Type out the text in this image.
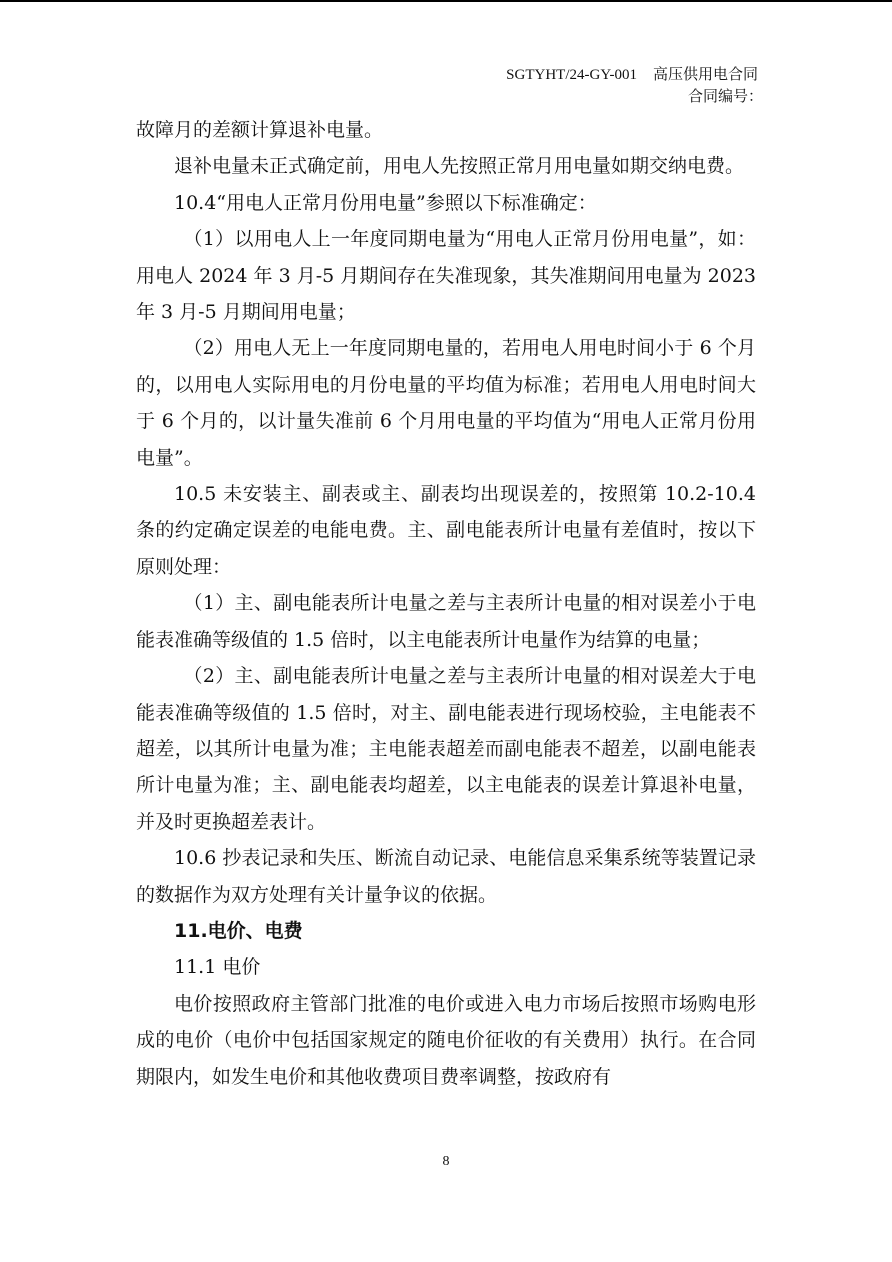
SGTYHT/24-GY-001 高压供用电合同
合同编号：

故障月的差额计算退补电量。

退补电量未正式确定前，用电人先按照正常月用电量如期交纳电费。

10.4“用电人正常月份用电量”参照以下标准确定：

（1）以用电人上一年度同期电量为“用电人正常月份用电量”，如：用电人 2024 年 3 月-5 月期间存在失准现象，其失准期间用电量为 2023 年 3 月-5 月期间用电量；

（2）用电人无上一年度同期电量的，若用电人用电时间小于 6 个月的，以用电人实际用电的月份电量的平均值为标准；若用电人用电时间大于 6 个月的，以计量失准前 6 个月用电量的平均值为“用电人正常月份用电量”。

10.5 未安装主、副表或主、副表均出现误差的，按照第 10.2-10.4 条的约定确定误差的电能电费。主、副电能表所计电量有差值时，按以下原则处理：

（1）主、副电能表所计电量之差与主表所计电量的相对误差小于电能表准确等级值的 1.5 倍时，以主电能表所计电量作为结算的电量；

（2）主、副电能表所计电量之差与主表所计电量的相对误差大于电能表准确等级值的 1.5 倍时，对主、副电能表进行现场校验，主电能表不超差，以其所计电量为准；主电能表超差而副电能表不超差，以副电能表所计电量为准；主、副电能表均超差，以主电能表的误差计算退补电量，并及时更换超差表计。

10.6 抄表记录和失压、断流自动记录、电能信息采集系统等装置记录的数据作为双方处理有关计量争议的依据。

11.电价、电费

11.1 电价

电价按照政府主管部门批准的电价或进入电力市场后按照市场购电形成的电价（电价中包括国家规定的随电价征收的有关费用）执行。在合同期限内，如发生电价和其他收费项目费率调整，按政府有

8
